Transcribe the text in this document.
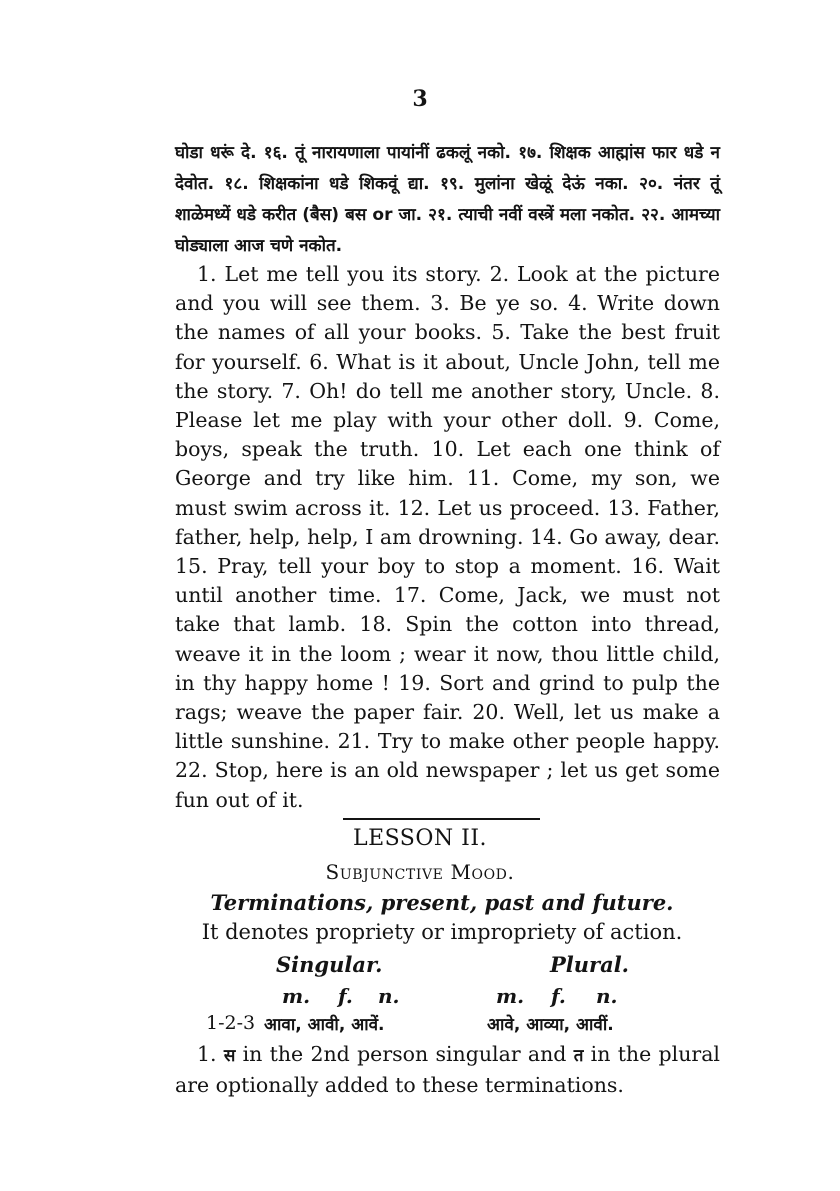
3
घोडा धरूं दे. १६. तूं नारायणाला पायांनीं ढकलूं नको. १७. शिक्षक आह्मांस फार धडे न देवोत. १८. शिक्षकांना धडे शिकवूं द्या. १९. मुलांना खेळूं देऊं नका. २०. नंतर तूं शाळेमध्यें धडे करीत (बैस) बस or जा. २१. त्याची नवीं वस्त्रें मला नकोत. २२. आमच्या घोड्याला आज चणे नकोत.
1. Let me tell you its story. 2. Look at the picture and you will see them. 3. Be ye so. 4. Write down the names of all your books. 5. Take the best fruit for yourself. 6. What is it about, Uncle John, tell me the story. 7. Oh! do tell me another story, Uncle. 8. Please let me play with your other doll. 9. Come, boys, speak the truth. 10. Let each one think of George and try like him. 11. Come, my son, we must swim across it. 12. Let us proceed. 13. Father, father, help, help, I am drowning. 14. Go away, dear. 15. Pray, tell your boy to stop a moment. 16. Wait until another time. 17. Come, Jack, we must not take that lamb. 18. Spin the cotton into thread, weave it in the loom ; wear it now, thou little child, in thy happy home ! 19. Sort and grind to pulp the rags; weave the paper fair. 20. Well, let us make a little sunshine. 21. Try to make other people happy. 22. Stop, here is an old newspaper ; let us get some fun out of it.
LESSON II.
Subjunctive Mood.
Terminations, present, past and future.
It denotes propriety or impropriety of action.
Singular.	Plural.
m. f. n.	m. f. n.
1-2-3 आवा, आवी, आवें.	आवे, आव्या, आवीं.
1. स in the 2nd person singular and त in the plural are optionally added to these terminations.
